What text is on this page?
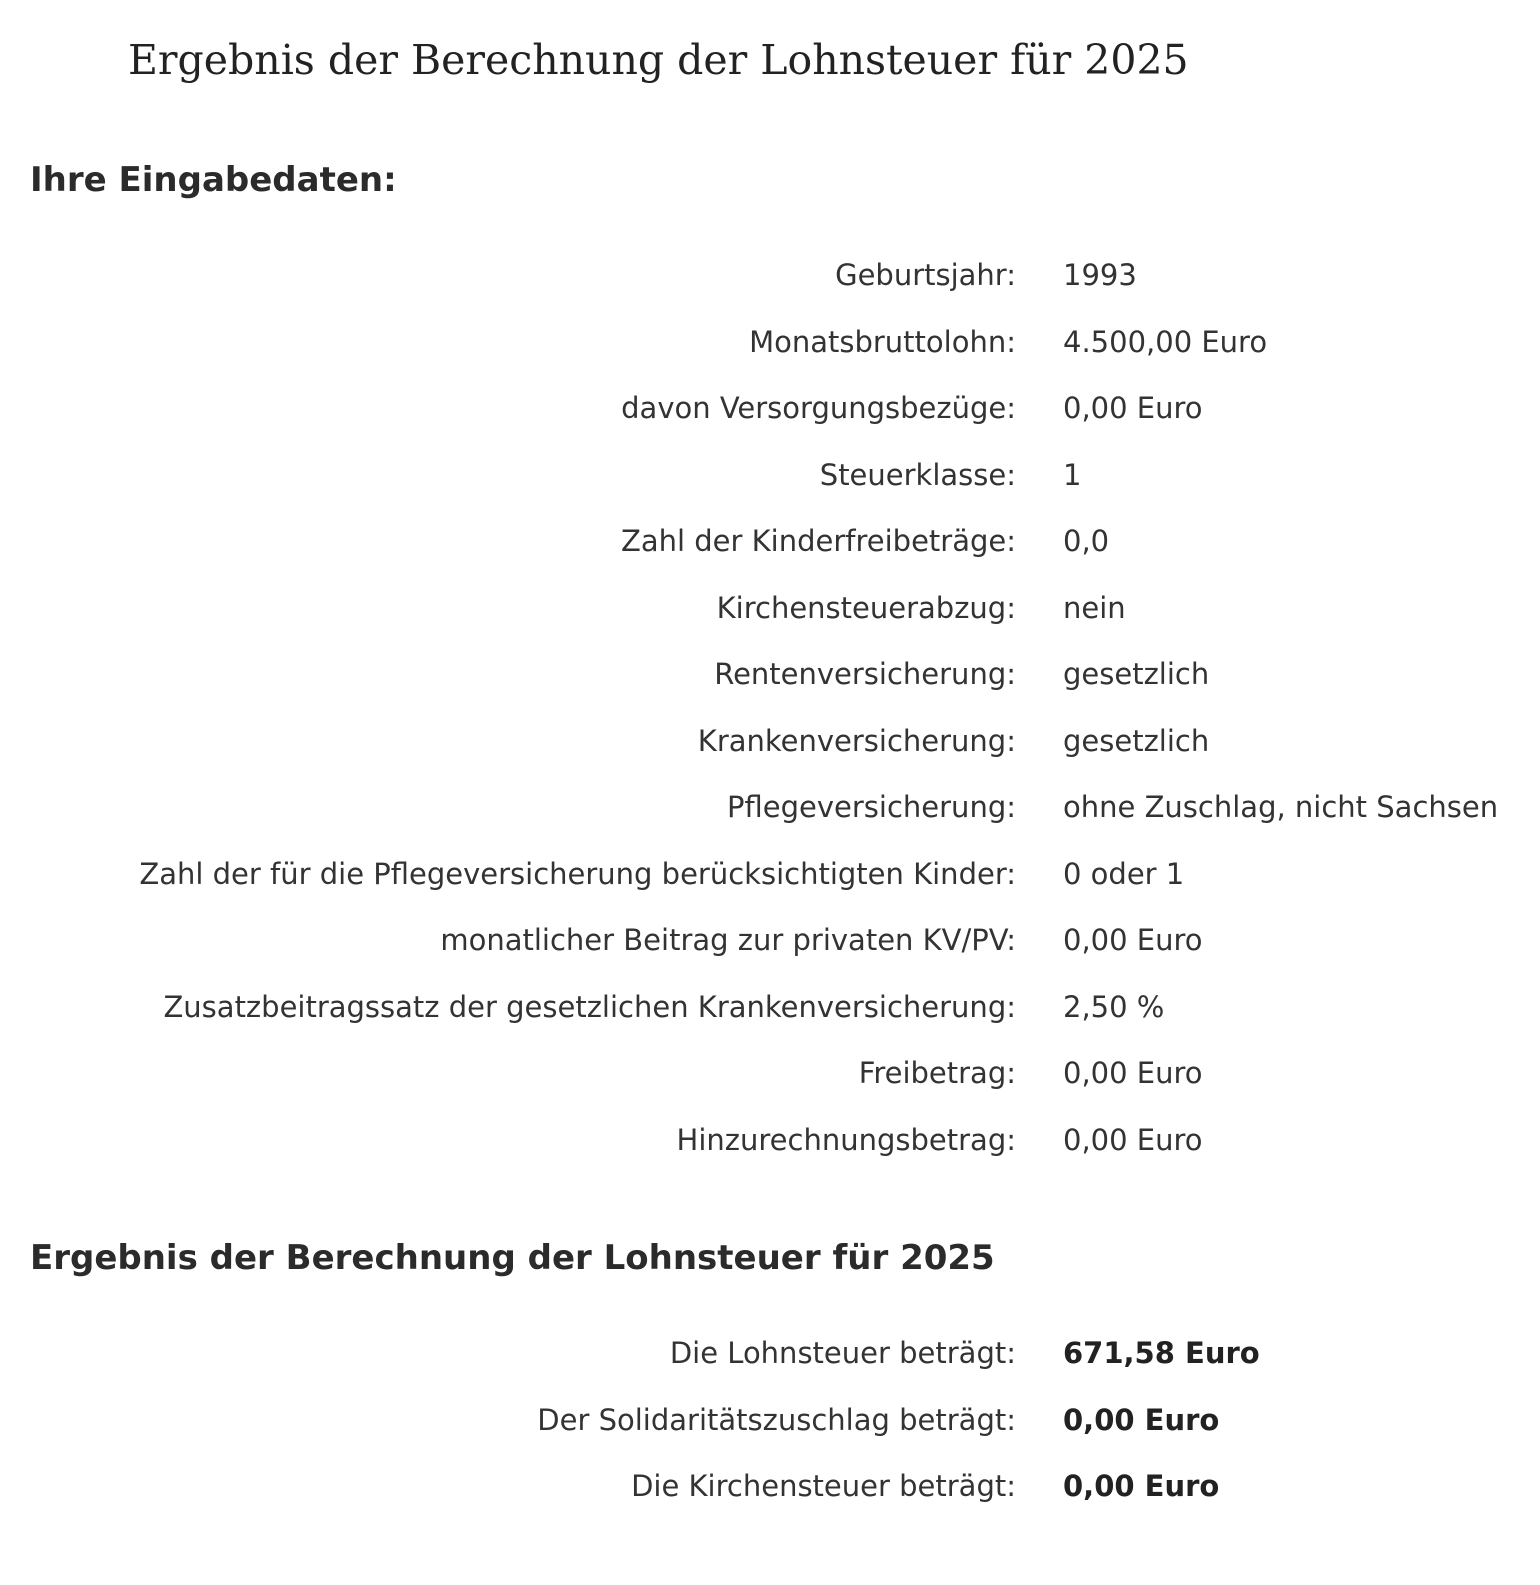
Ergebnis der Berechnung der Lohnsteuer für 2025
Ihre Eingabedaten:
Geburtsjahr: 1993
Monatsbruttolohn: 4.500,00 Euro
davon Versorgungsbezüge: 0,00 Euro
Steuerklasse: 1
Zahl der Kinderfreibeträge: 0,0
Kirchensteuerabzug: nein
Rentenversicherung: gesetzlich
Krankenversicherung: gesetzlich
Pflegeversicherung: ohne Zuschlag, nicht Sachsen
Zahl der für die Pflegeversicherung berücksichtigten Kinder: 0 oder 1
monatlicher Beitrag zur privaten KV/PV: 0,00 Euro
Zusatzbeitragssatz der gesetzlichen Krankenversicherung: 2,50 %
Freibetrag: 0,00 Euro
Hinzurechnungsbetrag: 0,00 Euro
Ergebnis der Berechnung der Lohnsteuer für 2025
Die Lohnsteuer beträgt: 671,58 Euro
Der Solidaritätszuschlag beträgt: 0,00 Euro
Die Kirchensteuer beträgt: 0,00 Euro
